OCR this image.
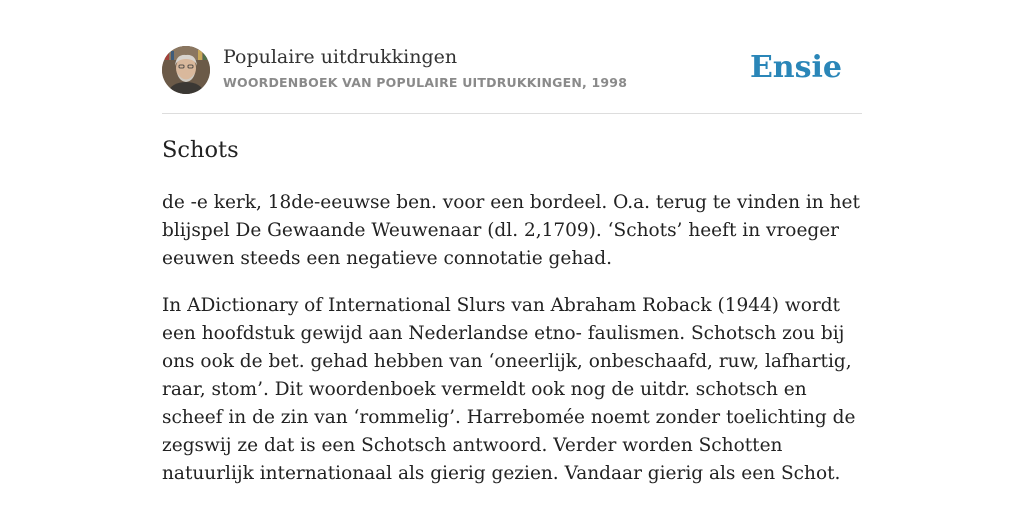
Populaire uitdrukkingen
WOORDENBOEK VAN POPULAIRE UITDRUKKINGEN, 1998	Ensie
Schots

de -e kerk, 18de-eeuwse ben. voor een bordeel. O.a. terug te vinden in het blijspel De Gewaande Weuwenaar (dl. 2,1709). ‘Schots’ heeft in vroeger eeuwen steeds een negatieve connotatie gehad.

In ADictionary of International Slurs van Abraham Roback (1944) wordt een hoofdstuk gewijd aan Nederlandse etno- faulismen. Schotsch zou bij ons ook de bet. gehad hebben van ‘oneerlijk, onbeschaafd, ruw, lafhartig, raar, stom’. Dit woordenboek vermeldt ook nog de uitdr. schotsch en scheef in de zin van ‘rommelig’. Harrebomée noemt zonder toelichting de zegswij ze dat is een Schotsch antwoord. Verder worden Schotten natuurlijk internationaal als gierig gezien. Vandaar gierig als een Schot.
